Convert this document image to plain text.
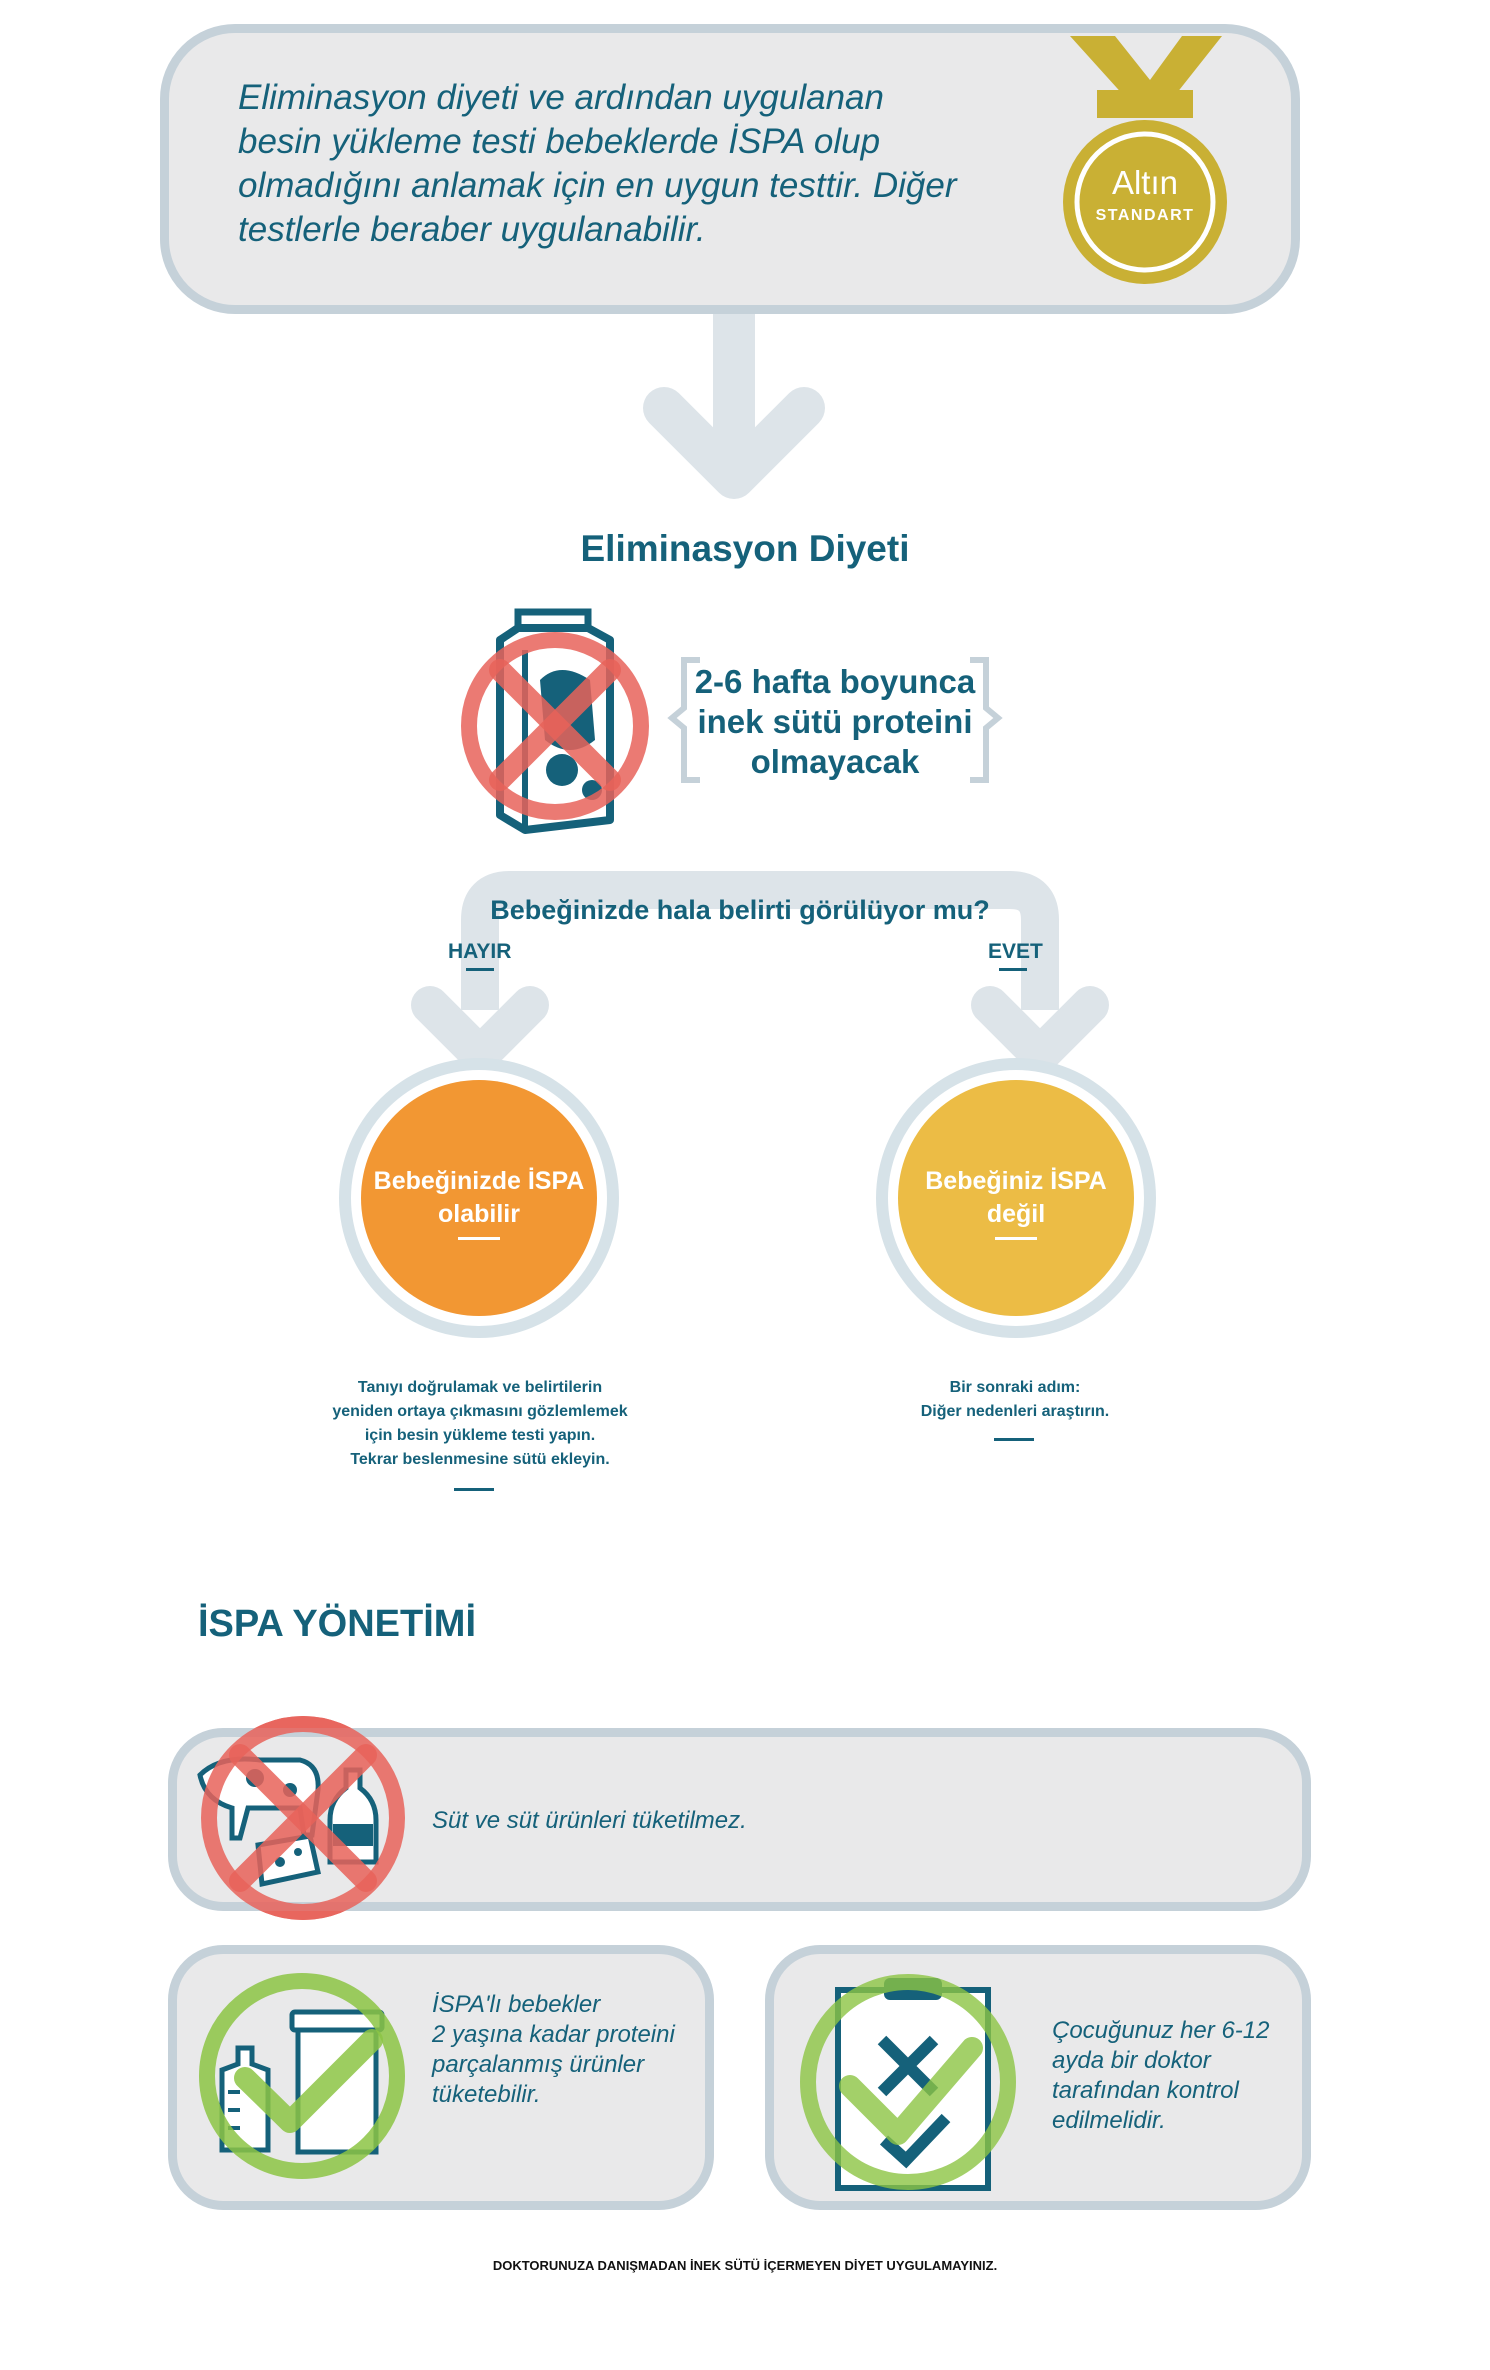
Eliminasyon diyeti ve ardından uygulanan
besin yükleme testi bebeklerde İSPA olup
olmadığını anlamak için en uygun testtir. Diğer
testlerle beraber uygulanabilir.
Altın
STANDART
Eliminasyon Diyeti
2-6 hafta boyunca
inek sütü proteini
olmayacak
Bebeğinizde hala belirti görülüyor mu?
HAYIR	EVET
Bebeğinizde İSPA
olabilir
Bebeğiniz İSPA
değil
Tanıyı doğrulamak ve belirtilerin
yeniden ortaya çıkmasını gözlemlemek
için besin yükleme testi yapın.
Tekrar beslenmesine sütü ekleyin.
Bir sonraki adım:
Diğer nedenleri araştırın.
İSPA YÖNETİMİ
Süt ve süt ürünleri tüketilmez.
İSPA'lı bebekler
2 yaşına kadar proteini
parçalanmış ürünler
tüketebilir.
Çocuğunuz her 6-12
ayda bir doktor
tarafından kontrol
edilmelidir.
DOKTORUNUZA DANIŞMADAN İNEK SÜTÜ İÇERMEYEN DİYET UYGULAMAYINIZ.
